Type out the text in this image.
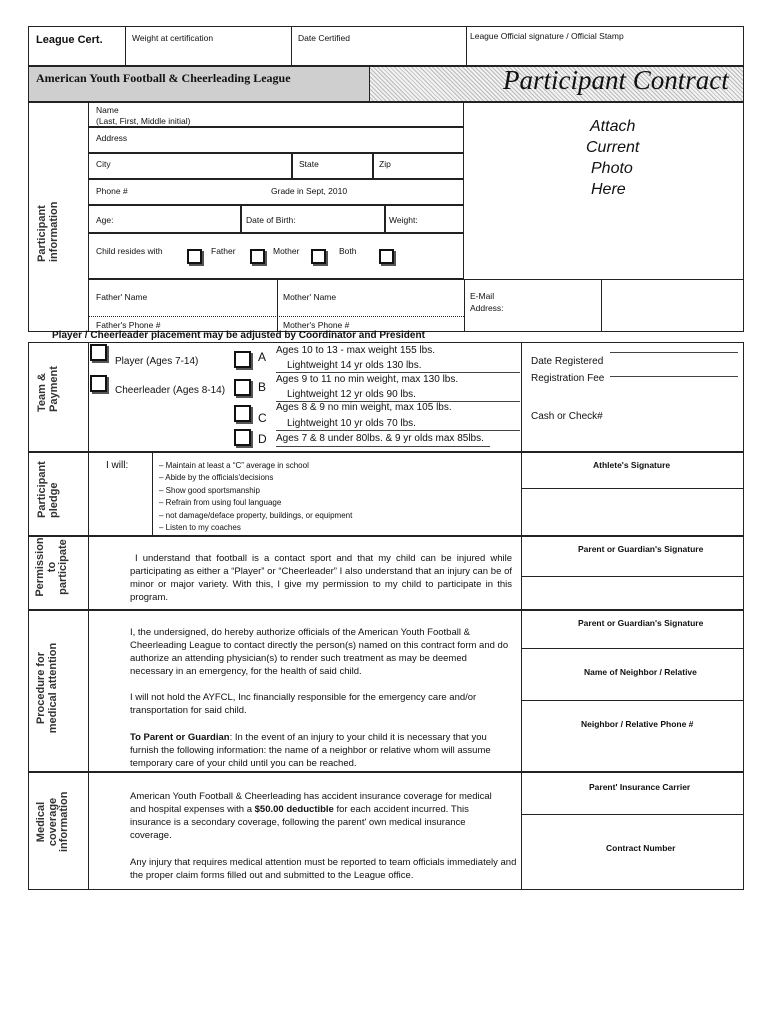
League Cert.	Weight at certification	Date Certified	League Official signature / Official Stamp
American Youth Football & Cheerleading League	Participant Contract
Participant information
Name
(Last, First, Middle initial)
Address
City	State	Zip
Phone #	Grade in Sept, 2010
Age:	Date of Birth:	Weight:
Child resides with	Father	Mother	Both
Attach
Current
Photo
Here
Father' Name	Mother' Name	E-Mail
Address:
Father's Phone #	Mother's Phone #
Player / Cheerleader placement may be adjusted by Coordinator and President
Team & Payment
Player (Ages 7-14)
Cheerleader (Ages 8-14)
A Ages 10 to 13 - max weight 155 lbs.
Lightweight 14 yr olds 130 lbs.
B
Ages 9 to 11 no min weight, max 130 lbs.
Lightweight 12 yr olds 90 lbs.
C
Ages 8 & 9 no min weight, max 105 lbs.
Lightweight 10 yr olds 70 lbs.
D Ages 7 & 8 under 80lbs. & 9 yr olds max 85lbs.
Date Registered
Registration Fee
Cash or Check#
Participant pledge
I will:	– Maintain at least a “C” average in school
– Abide by the officials'decisions
– Show good sportsmanship
– Refrain from using foul language
– not damage/deface property, buildings, or equipment
– Listen to my coaches
Athlete's Signature
Permission to participate	I understand that football is a contact sport and that my child can be injured while participating as either a “Player” or “Cheerleader” I also understand that an injury can be of minor or major variety. With this, I give my permission to my child to participate in this program.
Parent or Guardian's Signature
Procedure for medical attention
I, the undersigned, do hereby authorize officials of the American Youth Football & Cheerleading League to contact directly the person(s) named on this contract form and do authorize an attending physician(s) to render such treatment as may be deemed necessary in an emergency, for the health of said child.
I will not hold the AYFCL, Inc financially responsible for the emergency care and/or transportation for said child.
To Parent or Guardian: In the event of an injury to your child it is necessary that you furnish the following information: the name of a neighbor or relative whom will assume temporary care of your child until you can be reached.
Parent or Guardian's Signature
Name of Neighbor / Relative
Neighbor / Relative Phone #
Medical coverage information	American Youth Football & Cheerleading has accident insurance coverage for medical and hospital expenses with a $50.00 deductible for each accident incurred. This insurance is a secondary coverage, following the parent' own medical insurance coverage.
Any injury that requires medical attention must be reported to team officials immediately and the proper claim forms filled out and submitted to the League office.
Parent' Insurance Carrier
Contract Number
